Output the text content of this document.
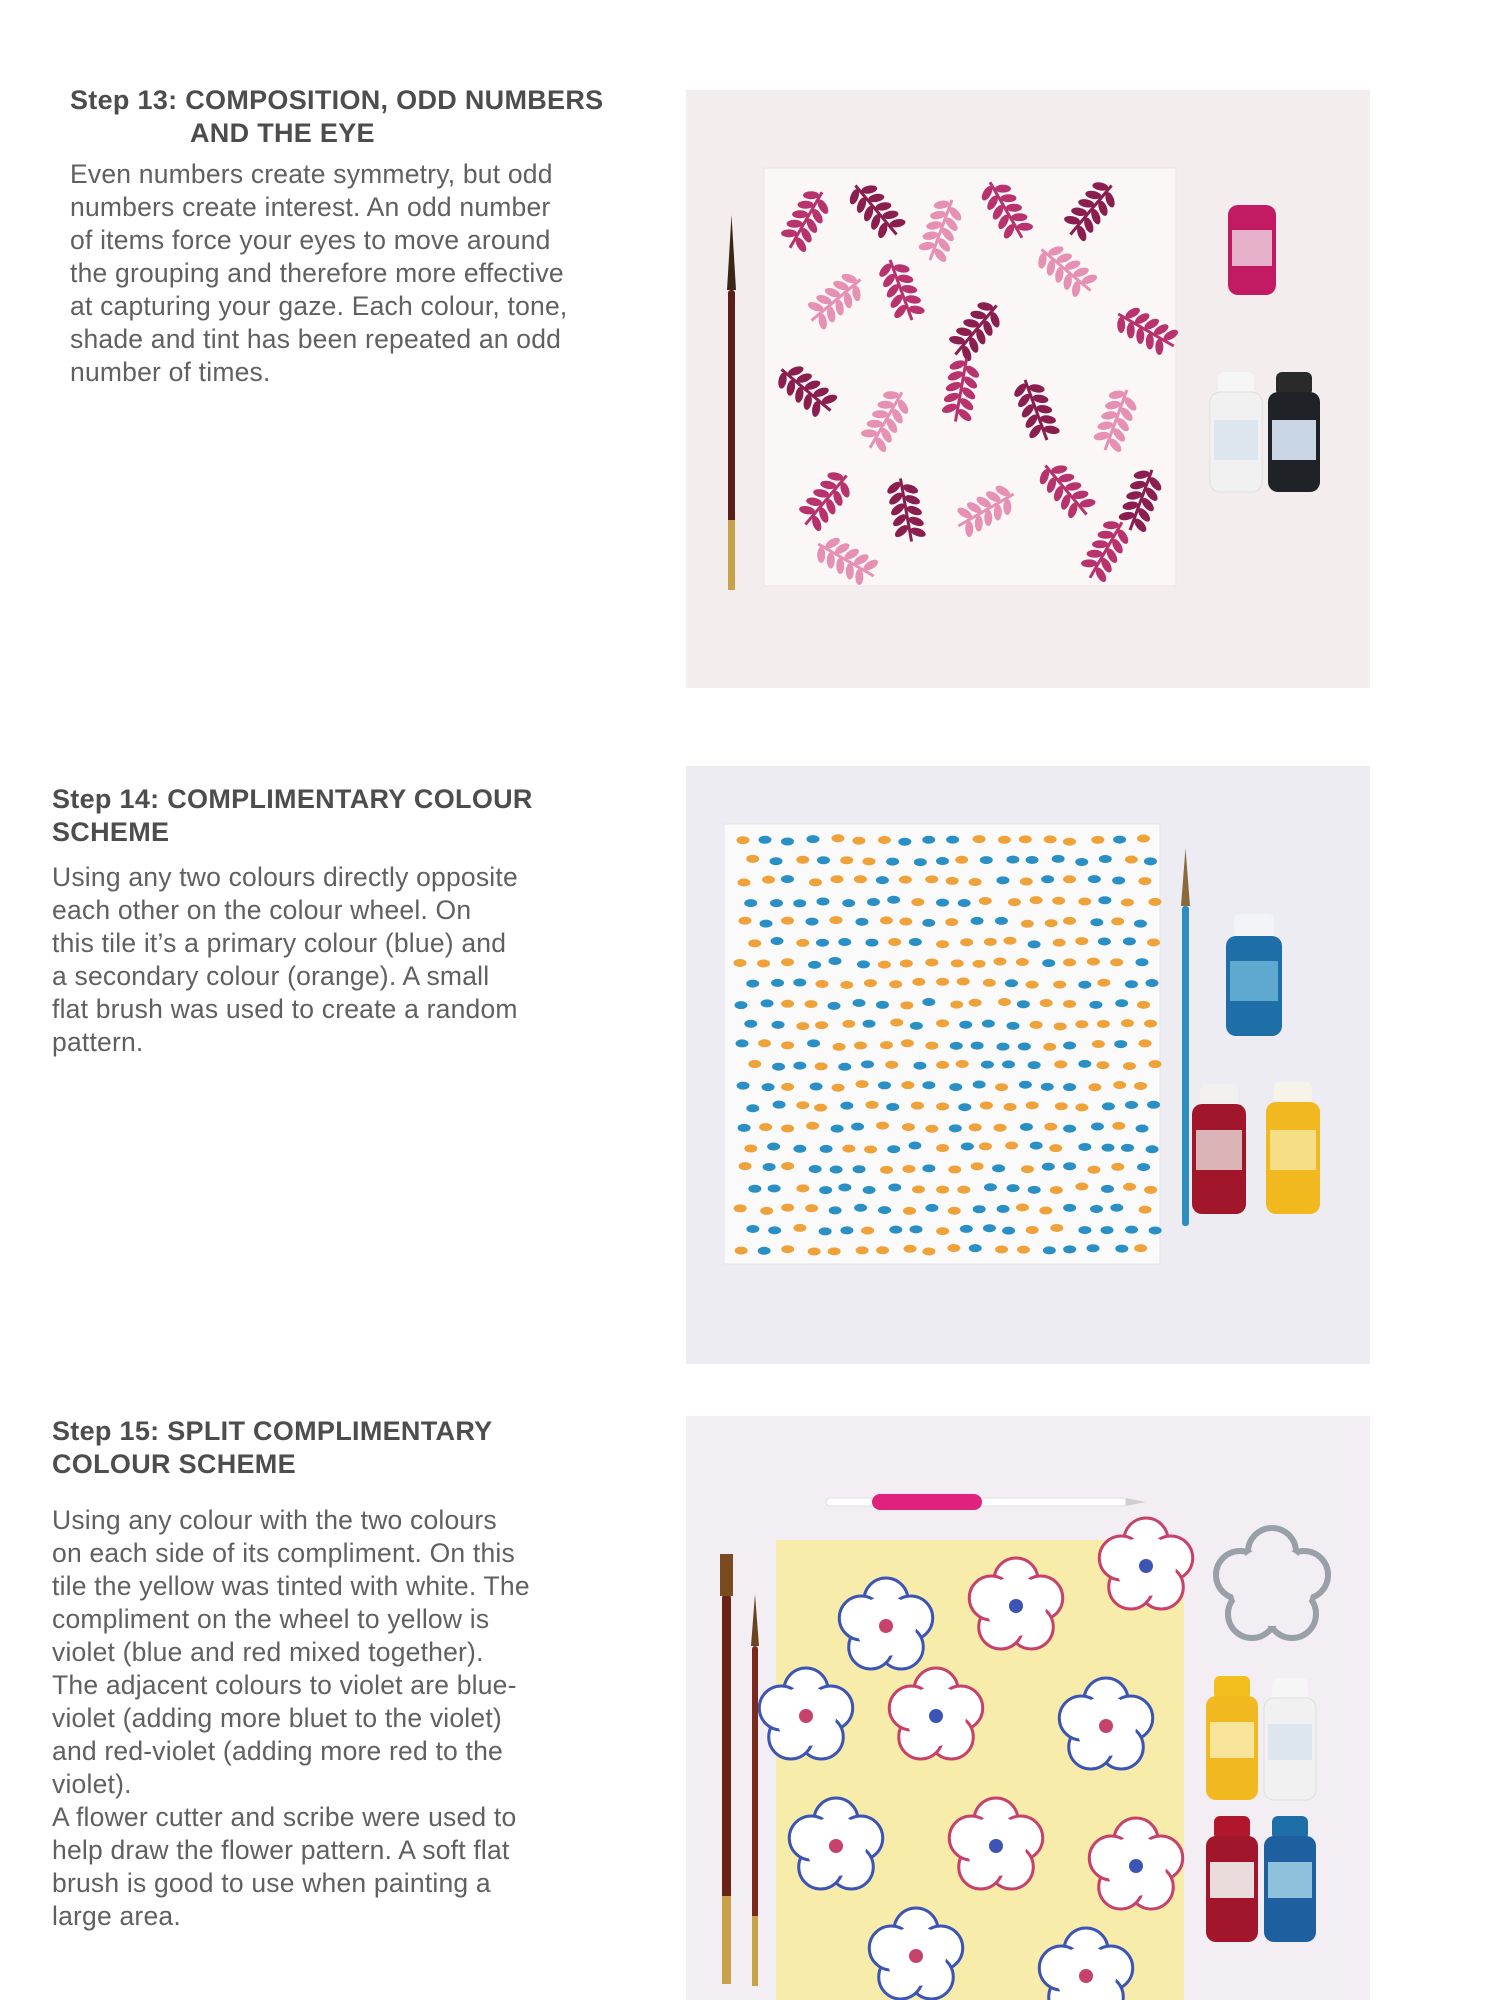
Step 13: COMPOSITION, ODD NUMBERS
AND THE EYE

Even numbers create symmetry, but odd
numbers create interest. An odd number
of items force your eyes to move around
the grouping and therefore more effective
at capturing your gaze. Each colour, tone,
shade and tint has been repeated an odd
number of times.

Step 14: COMPLIMENTARY COLOUR
SCHEME

Using any two colours directly opposite
each other on the colour wheel. On
this tile it’s a primary colour (blue) and
a secondary colour (orange). A small
flat brush was used to create a random
pattern.

Step 15: SPLIT COMPLIMENTARY
COLOUR SCHEME

Using any colour with the two colours
on each side of its compliment. On this
tile the yellow was tinted with white. The
compliment on the wheel to yellow is
violet (blue and red mixed together).
The adjacent colours to violet are blue-
violet (adding more bluet to the violet)
and red-violet (adding more red to the
violet).
A flower cutter and scribe were used to
help draw the flower pattern. A soft flat
brush is good to use when painting a
large area.
